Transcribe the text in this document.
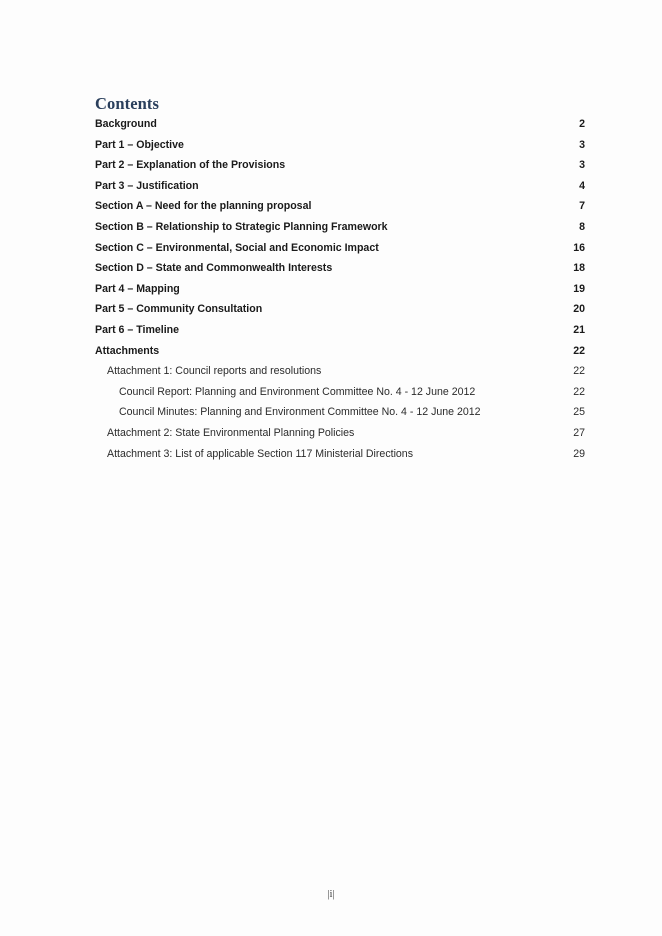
Contents
Background	2
Part 1 – Objective	3
Part 2 – Explanation of the Provisions	3
Part 3 – Justification	4
Section A – Need for the planning proposal	7
Section B – Relationship to Strategic Planning Framework	8
Section C – Environmental, Social and Economic Impact	16
Section D – State and Commonwealth Interests	18
Part 4 – Mapping	19
Part 5 – Community Consultation	20
Part 6 – Timeline	21
Attachments	22
Attachment 1: Council reports and resolutions	22
Council Report: Planning and Environment Committee No. 4 - 12 June 2012	22
Council Minutes: Planning and Environment Committee No. 4 - 12 June 2012	25
Attachment 2: State Environmental Planning Policies	27
Attachment 3: List of applicable Section 117 Ministerial Directions	29
|i|
